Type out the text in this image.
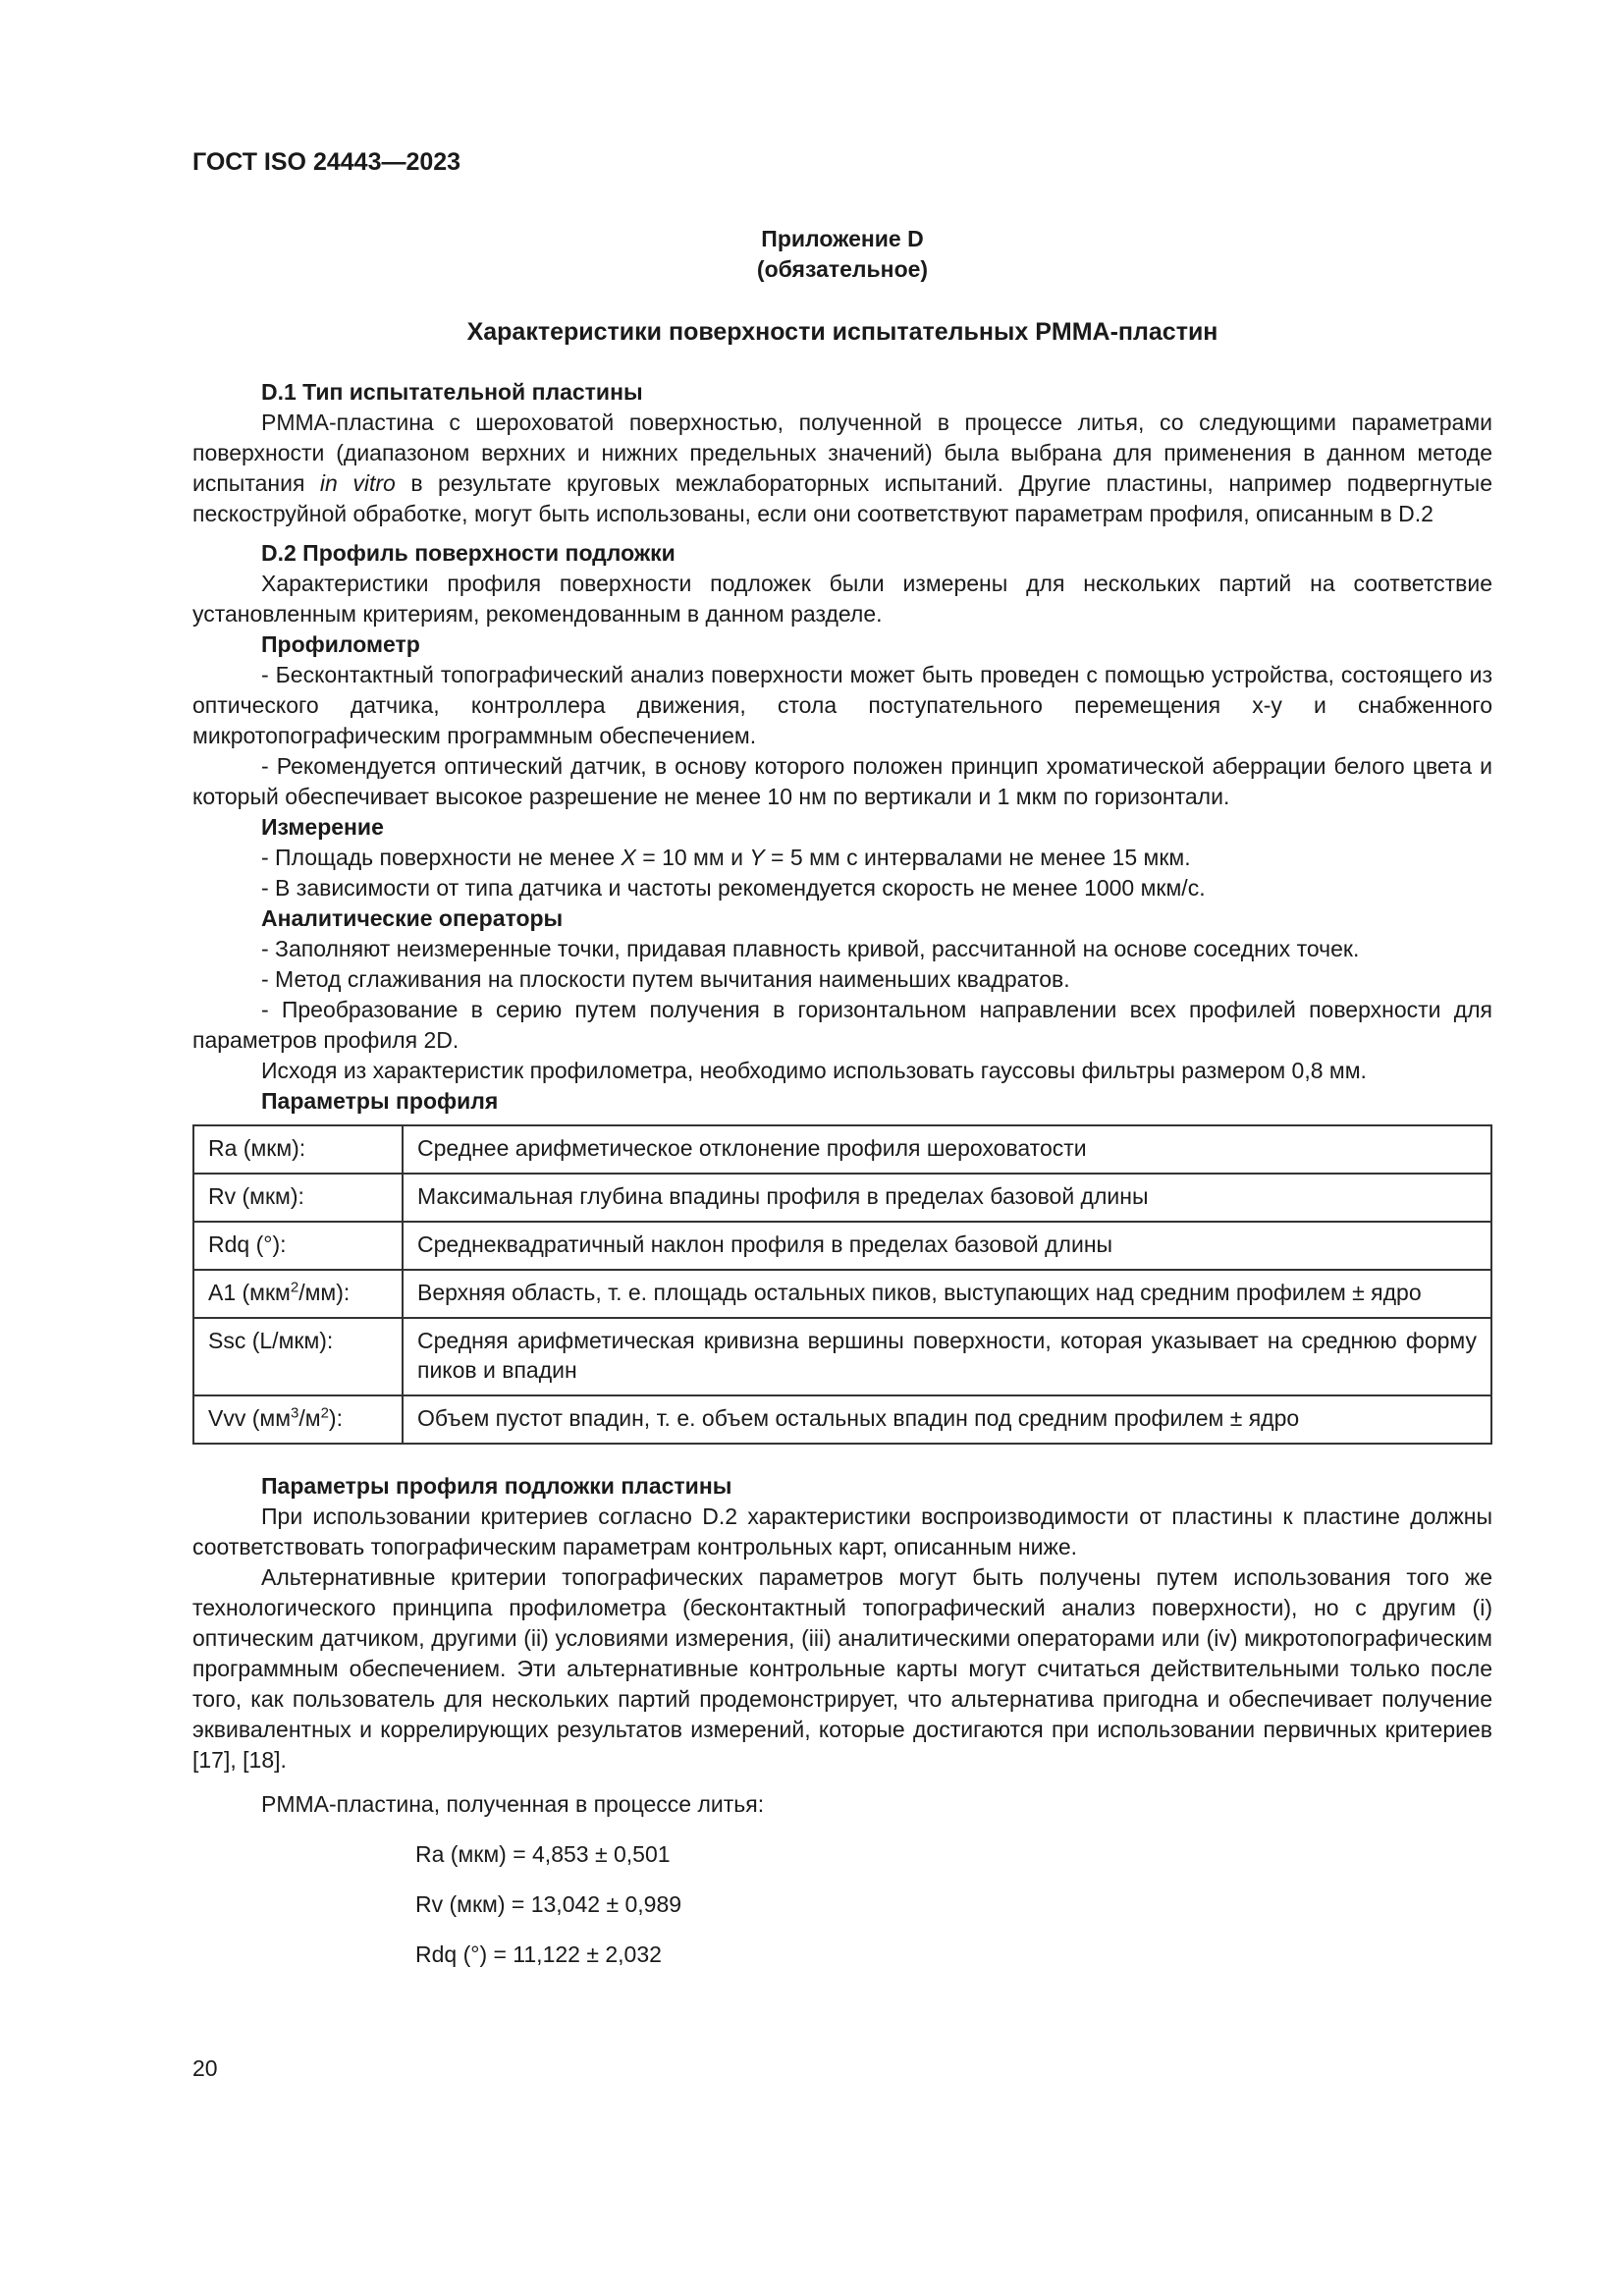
ГОСТ ISO 24443—2023
Приложение D
(обязательное)
Характеристики поверхности испытательных PMMA-пластин
D.1 Тип испытательной пластины

PMMA-пластина с шероховатой поверхностью, полученной в процессе литья, со следующими параметрами поверхности (диапазоном верхних и нижних предельных значений) была выбрана для применения в данном методе испытания in vitro в результате круговых межлабораторных испытаний. Другие пластины, например подвергнутые пескоструйной обработке, могут быть использованы, если они соответствуют параметрам профиля, описанным в D.2

D.2 Профиль поверхности подложки

Характеристики профиля поверхности подложек были измерены для нескольких партий на соответствие установленным критериям, рекомендованным в данном разделе.

Профилометр

- Бесконтактный топографический анализ поверхности может быть проведен с помощью устройства, состоящего из оптического датчика, контроллера движения, стола поступательного перемещения x-y и снабженного микротопографическим программным обеспечением.

- Рекомендуется оптический датчик, в основу которого положен принцип хроматической аберрации белого цвета и который обеспечивает высокое разрешение не менее 10 нм по вертикали и 1 мкм по горизонтали.

Измерение

- Площадь поверхности не менее X = 10 мм и Y = 5 мм с интервалами не менее 15 мкм.

- В зависимости от типа датчика и частоты рекомендуется скорость не менее 1000 мкм/с.

Аналитические операторы

- Заполняют неизмеренные точки, придавая плавность кривой, рассчитанной на основе соседних точек.

- Метод сглаживания на плоскости путем вычитания наименьших квадратов.

- Преобразование в серию путем получения в горизонтальном направлении всех профилей поверхности для параметров профиля 2D.

Исходя из характеристик профилометра, необходимо использовать гауссовы фильтры размером 0,8 мм.

Параметры профиля
Ra (мкм):	Среднее арифметическое отклонение профиля шероховатости
Rv (мкм):	Максимальная глубина впадины профиля в пределах базовой длины
Rdq (°):	Среднеквадратичный наклон профиля в пределах базовой длины
A1 (мкм$^2$/мм):	Верхняя область, т. е. площадь остальных пиков, выступающих над средним профилем ± ядро
Ssc (L/мкм):	Средняя арифметическая кривизна вершины поверхности, которая указывает на среднюю форму пиков и впадин
Vvv $(мм^3/м^2)$:	Объем пустот впадин, т. е. объем остальных впадин под средним профилем ± ядро
Параметры профиля подложки пластины

При использовании критериев согласно D.2 характеристики воспроизводимости от пластины к пластине должны соответствовать топографическим параметрам контрольных карт, описанным ниже.

Альтернативные критерии топографических параметров могут быть получены путем использования того же технологического принципа профилометра (бесконтактный топографический анализ поверхности), но с другим (i) оптическим датчиком, другими (ii) условиями измерения, (iii) аналитическими операторами или (iv) микротопографическим программным обеспечением. Эти альтернативные контрольные карты могут считаться действительными только после того, как пользователь для нескольких партий продемонстрирует, что альтернатива пригодна и обеспечивает получение эквивалентных и коррелирующих результатов измерений, которые достигаются при использовании первичных критериев [17], [18].

PMMA-пластина, полученная в процессе литья:

Ra (мкм) = 4,853 ± 0,501
Rv (мкм) = 13,042 ± 0,989
Rdq (°) = 11,122 ± 2,032
20
